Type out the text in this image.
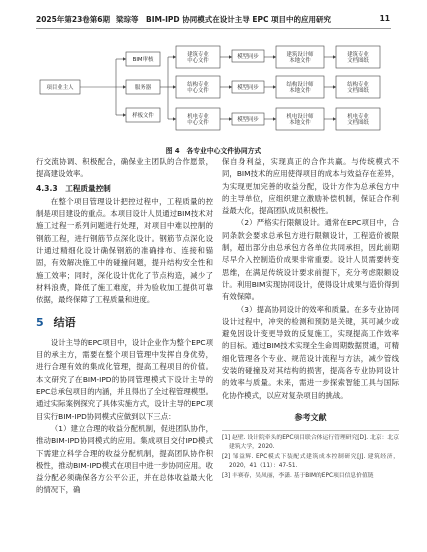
2025年第23卷第6期 梁琮等　BIM-IPD 协同模式在设计主导 EPC 项目中的应用研究	11
项目业主人	服务器
BIM审核
样板文件
建筑专业中心文件
结构专业中心文件
机电专业中心文件
模型同步
模型同步
模型同步
建筑设计师本地文件
结构设计师本地文件
机电设计师本地文件
建筑专业文档图纸
结构专业文档图纸
机电专业文档图纸
图 4　各专业中心文件协同方式

行交流协调、积极配合，确保业主团队的合作愿景，提高建设效率。

4.3.3　工程质量控制

在整个项目管理设计把控过程中，工程质量的控制是项目建设的重点。本项目设计人员通过BIM技术对施工过程一系列问题进行处理，对项目中难以控制的钢筋工程，进行钢筋节点深化设计。钢筋节点深化设计通过精细化设计确保钢筋的准确排布、连接和锚固，有效解决施工中的碰撞问题，提升结构安全性和施工效率；同时，深化设计优化了节点构造，减少了材料浪费，降低了施工难度，并为验收加工提供可靠依据，最终保障了工程质量和进度。

5 结语

设计主导的EPC项目中，设计企业作为整个EPC项目的承主方，需要在整个项目管理中发挥自身优势，进行合理有效的集成化管理，提高工程项目的价值。本文研究了在BIM-IPD的协同管理模式下设计主导的EPC总承包项目的内涵，并且得出了全过程管理模型。通过实际案例探究了具体实施方式，设计主导的EPC项目实行BIM-IPD协同模式应做到以下三点：

（1）建立合理的收益分配机制，促进团队协作，推动BIM-IPD协同模式的应用。集成项目交付IPD模式下需建立科学合理的收益分配机制，提高团队协作积极性，推动BIM-IPD模式在项目中进一步协同应用。收益分配必须确保各方公平公正，并在总体收益最大化的情况下，确

保自身利益，实现真正的合作共赢。与传统模式不同，BIM技术的应用使得项目的成本与效益存在差异，为实现更加完善的收益分配，设计方作为总承包方中的主导单位，应组织建立激励补偿机制，保证合作利益最大化，提高团队成员积极性。

（2）严格实行限额设计。通常在EPC项目中，合同条款会要求总承包方进行限额设计，工程造价被限制，超出部分由总承包方各单位共同承担，因此前期尽早介入控制造价成果非常重要。设计人员需要转变思维，在满足传统设计要求前提下，充分考虑限额设计。利用BIM实现协同设计，使得设计成果与造价得到有效保障。

（3）提高协同设计的效率和质量。在多专业协同设计过程中，冲突的检测和预防是关键，其可减少或避免因设计变更导致的反复施工，实现提高工作效率的目标。通过BIM技术实现全生命周期数据贯通，可精细化管理各个专业、规范设计流程与方法，减少管线安装的碰撞及对其结构的损害，提高各专业协同设计的效率与质量。未来，需进一步探索智能工具与国际化协作模式，以应对复杂项目的挑战。

参考文献

[1] 赵壁. 设计院牵头的EPC项目联合体运行管理研究[D]. 北京：北京建筑大学，2020.

[2] 邹益辉. EPC模式下装配式建筑成本控制研究[J]. 建筑经济，2020，41（11）：47-51.

[3] 丰赛春，吴凤丽，李潇. 基于BIM的EPC项目信息价值链
